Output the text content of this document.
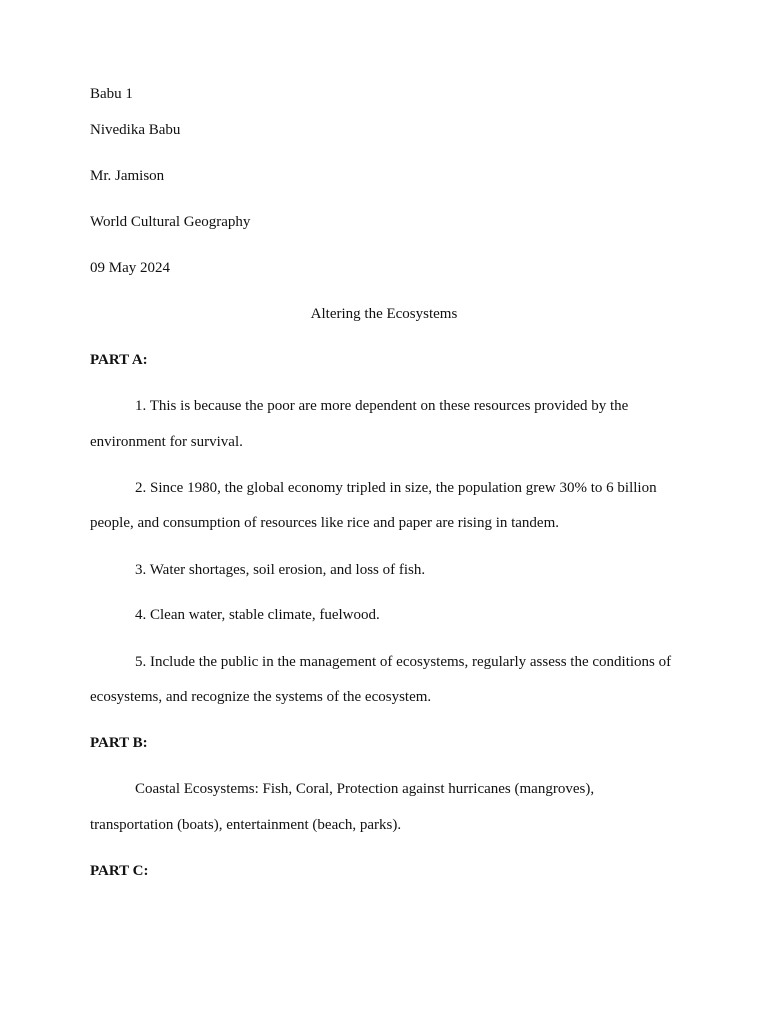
Babu 1
Nivedika Babu
Mr. Jamison
World Cultural Geography
09 May 2024
Altering the Ecosystems
PART A:
1. This is because the poor are more dependent on these resources provided by the
environment for survival.
2. Since 1980, the global economy tripled in size, the population grew 30% to 6 billion
people, and consumption of resources like rice and paper are rising in tandem.
3. Water shortages, soil erosion, and loss of fish.
4. Clean water, stable climate, fuelwood.
5. Include the public in the management of ecosystems, regularly assess the conditions of
ecosystems, and recognize the systems of the ecosystem.
PART B:
Coastal Ecosystems: Fish, Coral, Protection against hurricanes (mangroves),
transportation (boats), entertainment (beach, parks).
PART C:
